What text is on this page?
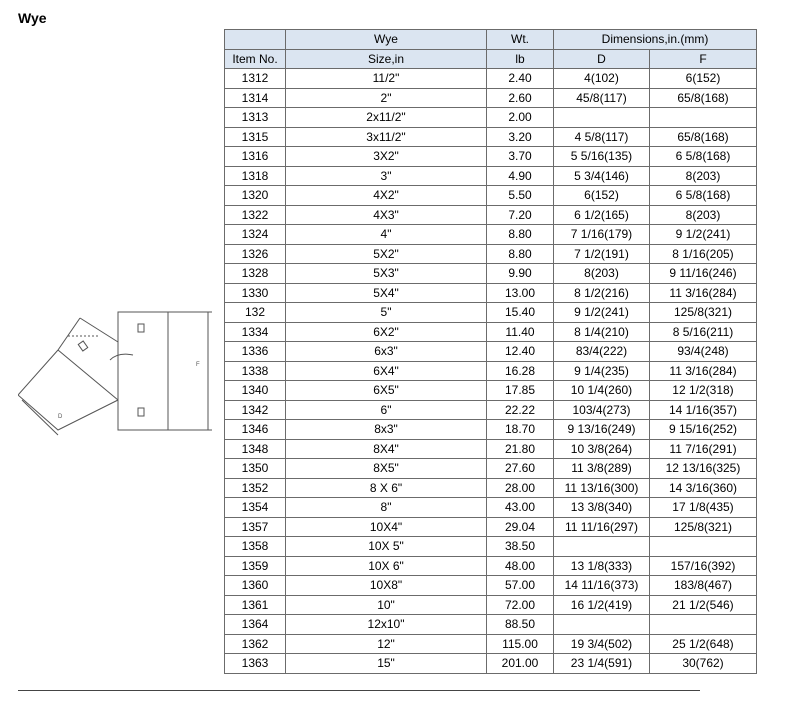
Wye
F
D
	Wye	Wt.	Dimensions,in.(mm)	
Item No.	Size,in	lb	D	F
1312	11/2"	2.40	4(102)	6(152)
1314	2"	2.60	45/8(117)	65/8(168)
1313	2x11/2"	2.00		
1315	3x11/2"	3.20	4 5/8(117)	65/8(168)
1316	3X2"	3.70	5 5/16(135)	6 5/8(168)
1318	3"	4.90	5 3/4(146)	8(203)
1320	4X2"	5.50	6(152)	6 5/8(168)
1322	4X3"	7.20	6 1/2(165)	8(203)
1324	4"	8.80	7 1/16(179)	9 1/2(241)
1326	5X2"	8.80	7 1/2(191)	8 1/16(205)
1328	5X3"	9.90	8(203)	9 11/16(246)
1330	5X4"	13.00	8 1/2(216)	11 3/16(284)
132	5"	15.40	9 1/2(241)	125/8(321)
1334	6X2"	11.40	8 1/4(210)	8 5/16(211)
1336	6x3"	12.40	83/4(222)	93/4(248)
1338	6X4"	16.28	9 1/4(235)	11 3/16(284)
1340	6X5"	17.85	10 1/4(260)	12 1/2(318)
1342	6"	22.22	103/4(273)	14 1/16(357)
1346	8x3"	18.70	9 13/16(249)	9 15/16(252)
1348	8X4"	21.80	10 3/8(264)	11 7/16(291)
1350	8X5"	27.60	11 3/8(289)	12 13/16(325)
1352	8 X 6"	28.00	11 13/16(300)	14 3/16(360)
1354	8"	43.00	13 3/8(340)	17 1/8(435)
1357	10X4"	29.04	11 11/16(297)	125/8(321)
1358	10X 5"	38.50		
1359	10X 6"	48.00	13 1/8(333)	157/16(392)
1360	10X8"	57.00	14 11/16(373)	183/8(467)
1361	10"	72.00	16 1/2(419)	21 1/2(546)
1364	12x10"	88.50		
1362	12"	115.00	19 3/4(502)	25 1/2(648)
1363	15"	201.00	23 1/4(591)	30(762)
